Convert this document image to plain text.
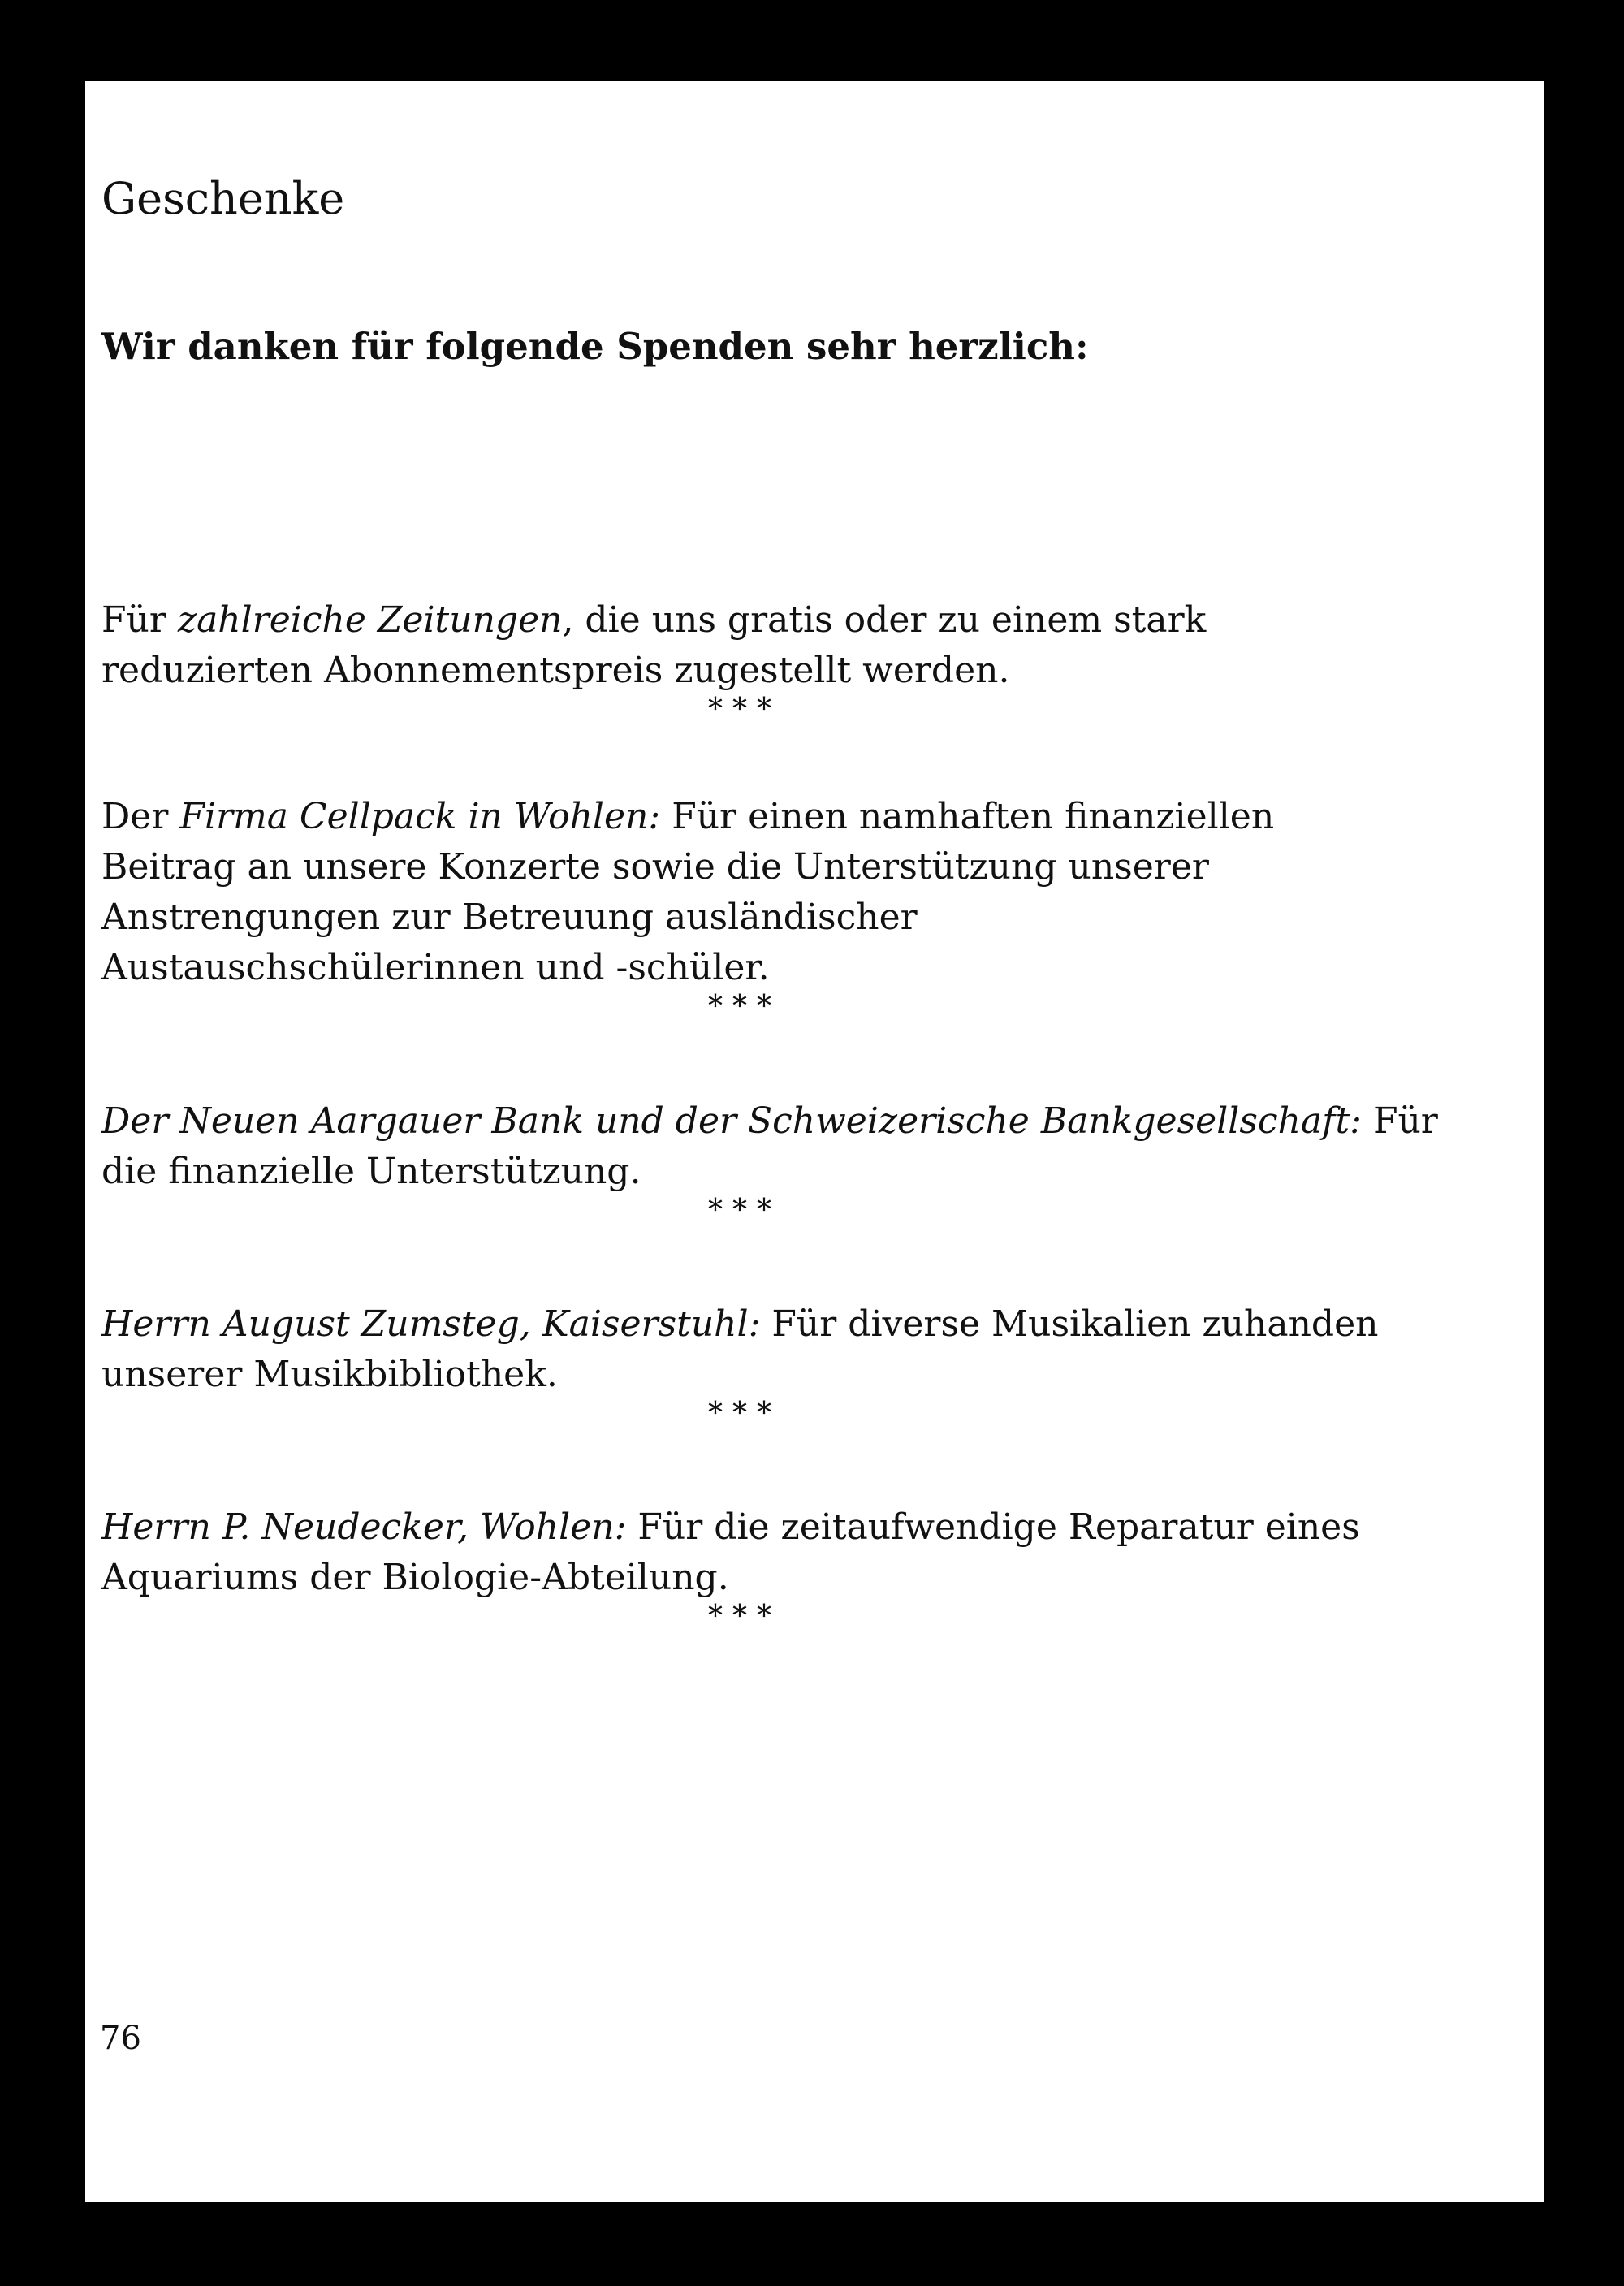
Geschenke

Wir danken für folgende Spenden sehr herzlich:

Für zahlreiche Zeitungen, die uns gratis oder zu einem stark
reduzierten Abonnementspreis zugestellt werden.

***

Der Firma Cellpack in Wohlen: Für einen namhaften finanziellen
Beitrag an unsere Konzerte sowie die Unterstützung unserer
Anstrengungen zur Betreuung ausländischer
Austauschschülerinnen und -schüler.

***

Der Neuen Aargauer Bank und der Schweizerische Bankgesellschaft: Für
die finanzielle Unterstützung.

***

Herrn August Zumsteg, Kaiserstuhl: Für diverse Musikalien zuhanden
unserer Musikbibliothek.

***

Herrn P. Neudecker, Wohlen: Für die zeitaufwendige Reparatur eines
Aquariums der Biologie-Abteilung.

***

76
